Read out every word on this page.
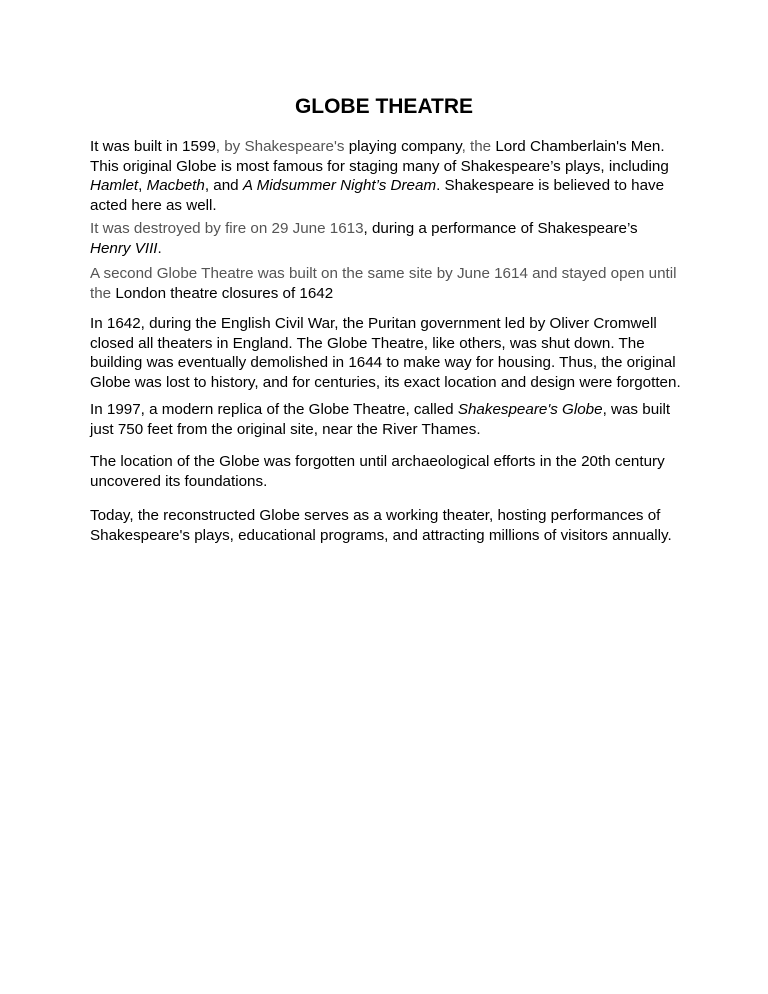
GLOBE THEATRE

It was built in 1599, by Shakespeare's playing company, the Lord Chamberlain's Men.
This original Globe is most famous for staging many of Shakespeare’s plays, including
Hamlet, Macbeth, and A Midsummer Night’s Dream. Shakespeare is believed to have
acted here as well.

It was destroyed by fire on 29 June 1613, during a performance of Shakespeare’s
Henry VIII.

A second Globe Theatre was built on the same site by June 1614 and stayed open until
the London theatre closures of 1642

In 1642, during the English Civil War, the Puritan government led by Oliver Cromwell
closed all theaters in England. The Globe Theatre, like others, was shut down. The
building was eventually demolished in 1644 to make way for housing. Thus, the original
Globe was lost to history, and for centuries, its exact location and design were forgotten.

In 1997, a modern replica of the Globe Theatre, called Shakespeare's Globe, was built
just 750 feet from the original site, near the River Thames.

The location of the Globe was forgotten until archaeological efforts in the 20th century
uncovered its foundations.

Today, the reconstructed Globe serves as a working theater, hosting performances of
Shakespeare's plays, educational programs, and attracting millions of visitors annually.
